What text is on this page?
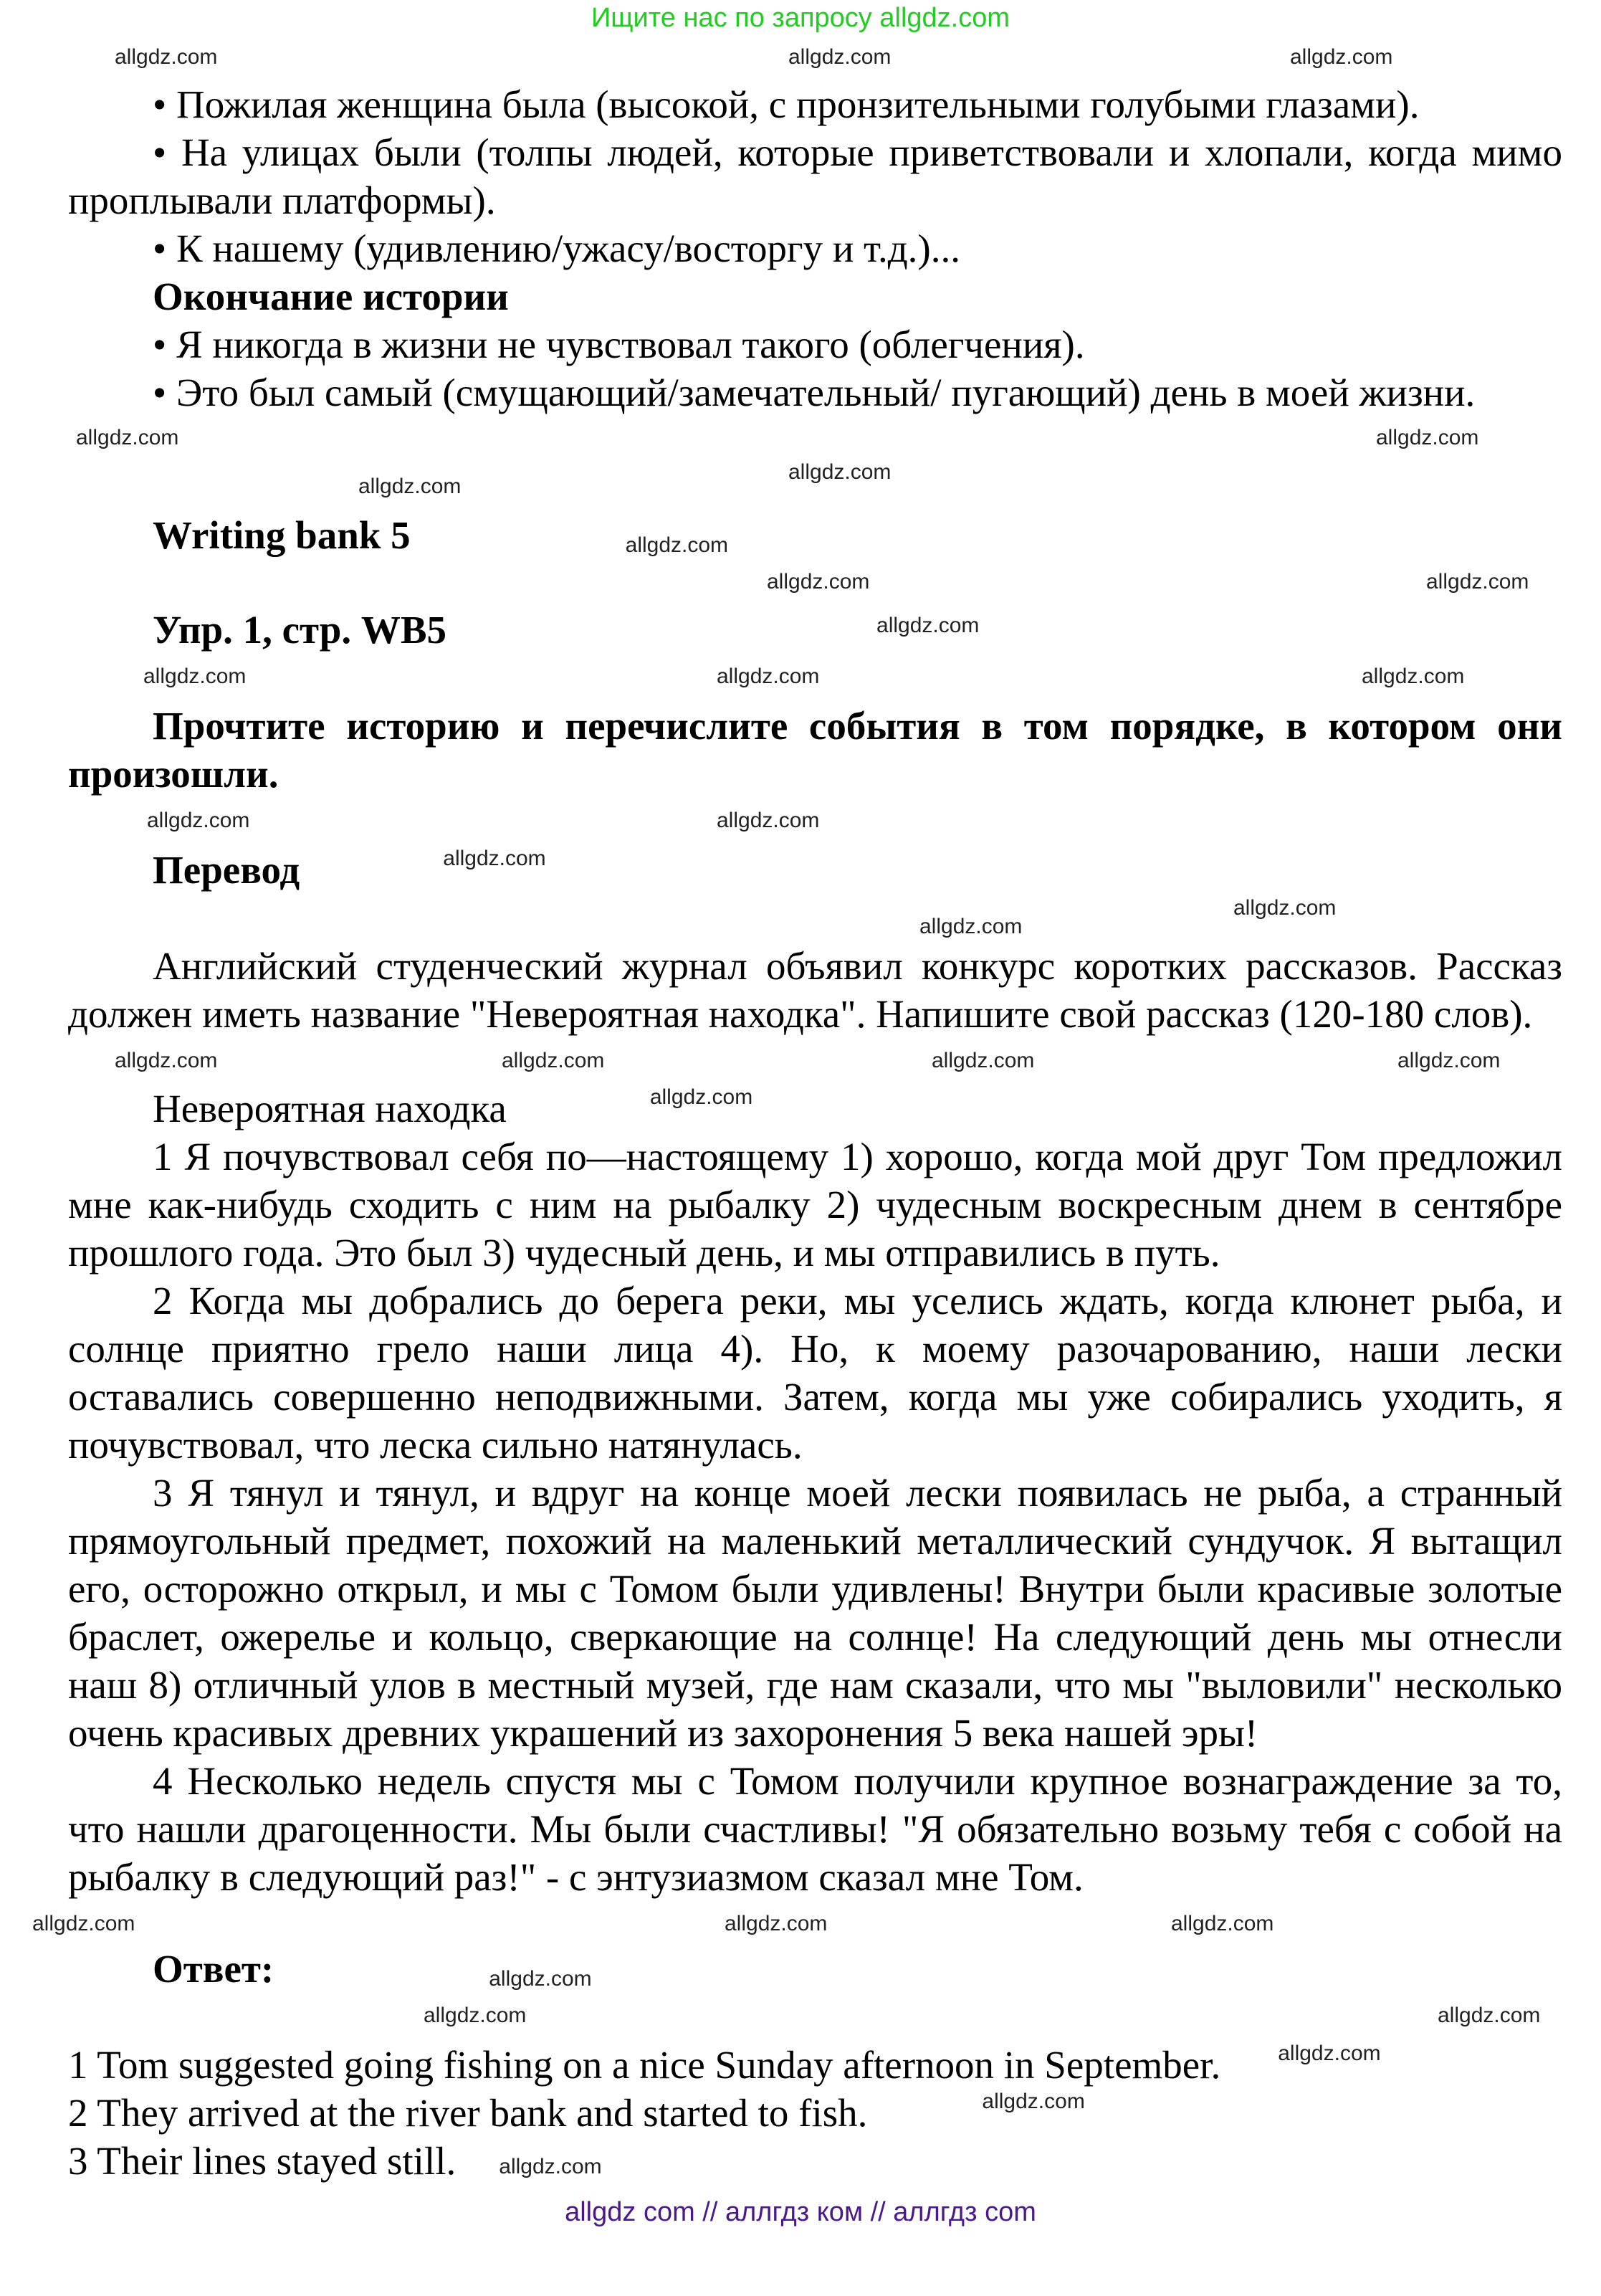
Ищите нас по запросу allgdz.com
allgdz.com	allgdz.com	allgdz.com

• Пожилая женщина была (высокой, с пронзительными голубыми глазами).

• На улицах были (толпы людей, которые приветствовали и хлопали, когда мимо проплывали платформы).

• К нашему (удивлению/ужасу/восторгу и т.д.)...

Окончание истории

• Я никогда в жизни не чувствовал такого (облегчения).

• Это был самый (смущающий/замечательный/ пугающий) день в моей жизни.

allgdz.com	allgdz.com
allgdz.com
allgdz.com

Writing bank 5	allgdz.com

allgdz.com	allgdz.com

Упр. 1, стр. WB5	allgdz.com

allgdz.com	allgdz.com	allgdz.com

Прочтите историю и перечислите события в том порядке, в котором они произошли.

allgdz.com	allgdz.com

Перевод	allgdz.com

allgdz.com
allgdz.com

Английский студенческий журнал объявил конкурс коротких рассказов. Рассказ должен иметь название "Невероятная находка". Напишите свой рассказ (120-180 слов).

allgdz.com	allgdz.com	allgdz.com	allgdz.com

Невероятная находка	allgdz.com

1 Я почувствовал себя по—настоящему 1) хорошо, когда мой друг Том предложил мне как-нибудь сходить с ним на рыбалку 2) чудесным воскресным днем в сентябре прошлого года. Это был 3) чудесный день, и мы отправились в путь.

2 Когда мы добрались до берега реки, мы уселись ждать, когда клюнет рыба, и солнце приятно грело наши лица 4). Но, к моему разочарованию, наши лески оставались совершенно неподвижными. Затем, когда мы уже собирались уходить, я почувствовал, что леска сильно натянулась.

3 Я тянул и тянул, и вдруг на конце моей лески появилась не рыба, а странный прямоугольный предмет, похожий на маленький металлический сундучок. Я вытащил его, осторожно открыл, и мы с Томом были удивлены! Внутри были красивые золотые браслет, ожерелье и кольцо, сверкающие на солнце! На следующий день мы отнесли наш 8) отличный улов в местный музей, где нам сказали, что мы "выловили" несколько очень красивых древних украшений из захоронения 5 века нашей эры!

4 Несколько недель спустя мы с Томом получили крупное вознаграждение за то, что нашли драгоценности. Мы были счастливы! "Я обязательно возьму тебя с собой на рыбалку в следующий раз!" - с энтузиазмом сказал мне Том.

allgdz.com	allgdz.com	allgdz.com

Ответ:	allgdz.com

allgdz.com	allgdz.com

1 Tom suggested going fishing on a nice Sunday afternoon in September.	allgdz.com

2 They arrived at the river bank and started to fish.	allgdz.com

3 Their lines stayed still. allgdz.com

allgdz com // аллгдз ком // аллгдз com
